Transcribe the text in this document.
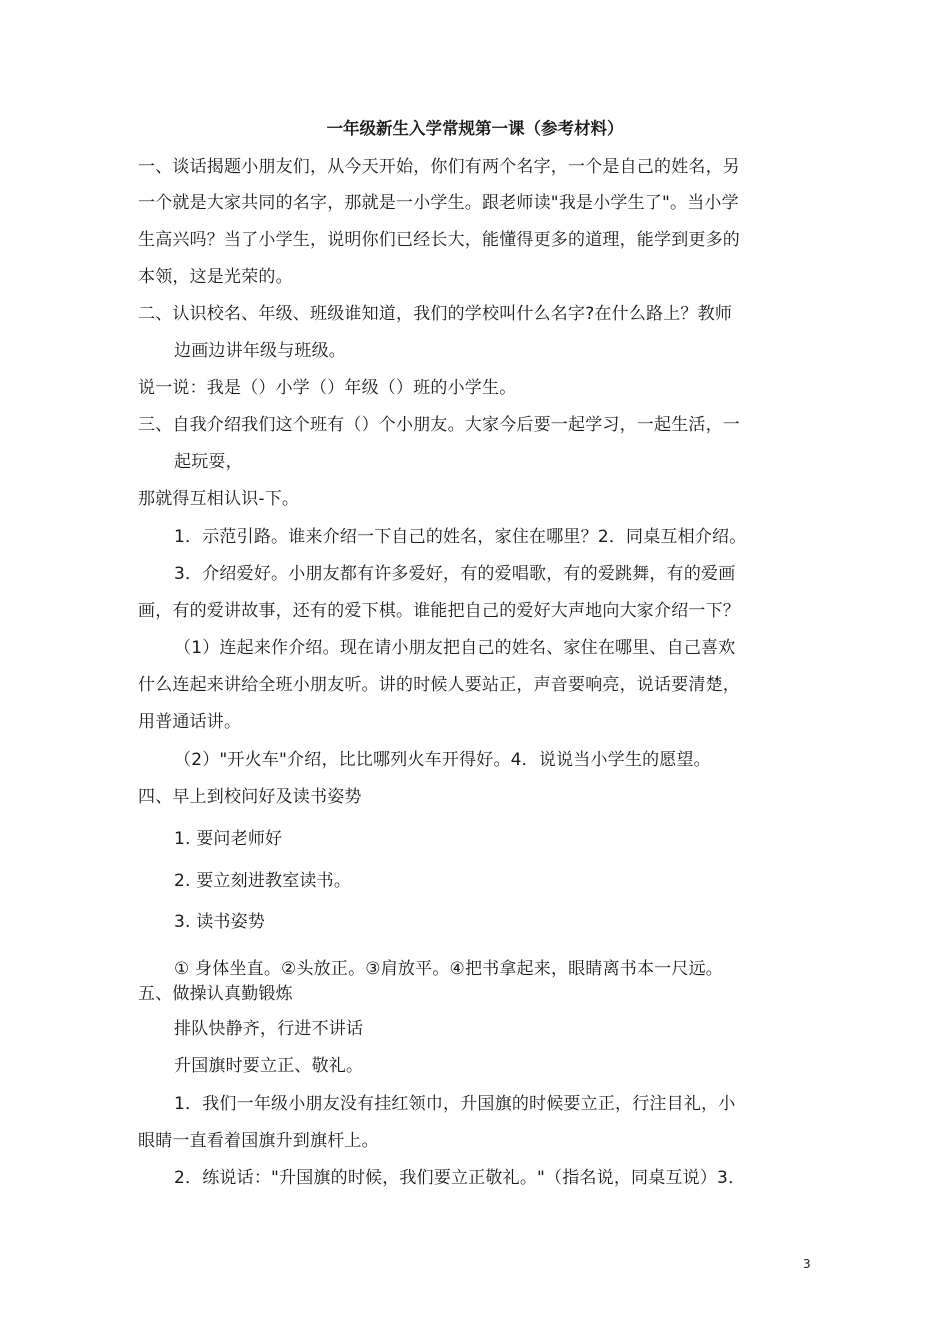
一年级新生入学常规第一课（参考材料）
一、谈话揭题小朋友们，从今天开始，你们有两个名字，一个是自己的姓名，另
一个就是大家共同的名字，那就是一小学生。跟老师读"我是小学生了"。当小学
生高兴吗？当了小学生，说明你们已经长大，能懂得更多的道理，能学到更多的
本领，这是光荣的。
二、认识校名、年级、班级谁知道，我们的学校叫什么名字?在什么路上？教师
边画边讲年级与班级。
说一说：我是（）小学（）年级（）班的小学生。
三、自我介绍我们这个班有（）个小朋友。大家今后要一起学习，一起生活，一
起玩耍，
那就得互相认识-下。
1．示范引路。谁来介绍一下自己的姓名，家住在哪里？2．同桌互相介绍。
3．介绍爱好。小朋友都有许多爱好，有的爱唱歌，有的爱跳舞，有的爱画
画，有的爱讲故事，还有的爱下棋。谁能把自己的爱好大声地向大家介绍一下？
（1）连起来作介绍。现在请小朋友把自己的姓名、家住在哪里、自己喜欢
什么连起来讲给全班小朋友听。讲的时候人要站正，声音要响亮，说话要清楚，
用普通话讲。
（2）"开火车"介绍，比比哪列火车开得好。4．说说当小学生的愿望。
四、早上到校问好及读书姿势
1. 要问老师好
2. 要立刻进教室读书。
3. 读书姿势
① 身体坐直。②头放正。③肩放平。④把书拿起来，眼睛离书本一尺远。
五、做操认真勤锻炼
排队快静齐，行进不讲话
升国旗时要立正、敬礼。
1．我们一年级小朋友没有挂红领巾，升国旗的时候要立正，行注目礼，小
眼睛一直看着国旗升到旗杆上。
2．练说话："升国旗的时候，我们要立正敬礼。"（指名说，同桌互说）3．
3
